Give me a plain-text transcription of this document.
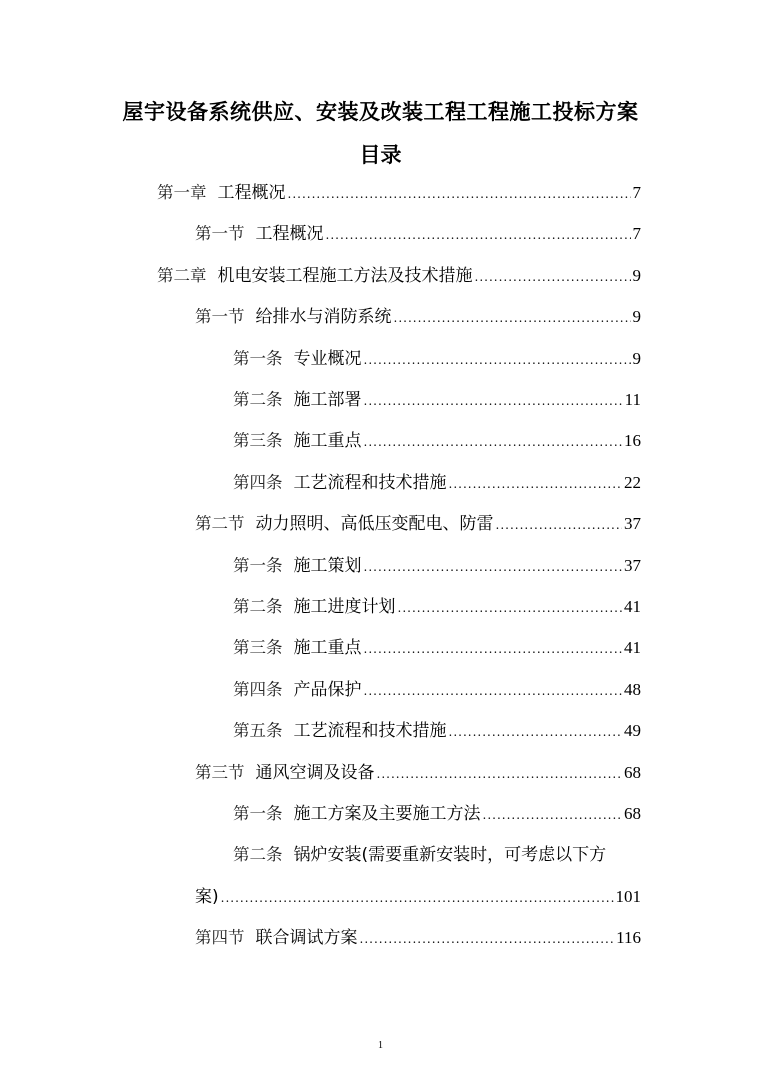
屋宇设备系统供应、安装及改装工程工程施工投标方案
目录
第一章 工程概况 .....	7
第一节 工程概况 .....	7
第二章 机电安装工程施工方法及技术措施 .....	9
第一节 给排水与消防系统 .....	9
第一条 专业概况 .....	9
第二条 施工部署 .....	11
第三条 施工重点 .....	16
第四条 工艺流程和技术措施 .....	22
第二节 动力照明、高低压变配电、防雷 .....	37
第一条 施工策划 .....	37
第二条 施工进度计划 .....	41
第三条 施工重点 .....	41
第四条 产品保护 .....	48
第五条 工艺流程和技术措施 .....	49
第三节 通风空调及设备 .....	68
第一条 施工方案及主要施工方法 .....	68
第二条 锅炉安装(需要重新安装时，可考虑以下方
案) .....	101
第四节 联合调试方案 .....	116
1
